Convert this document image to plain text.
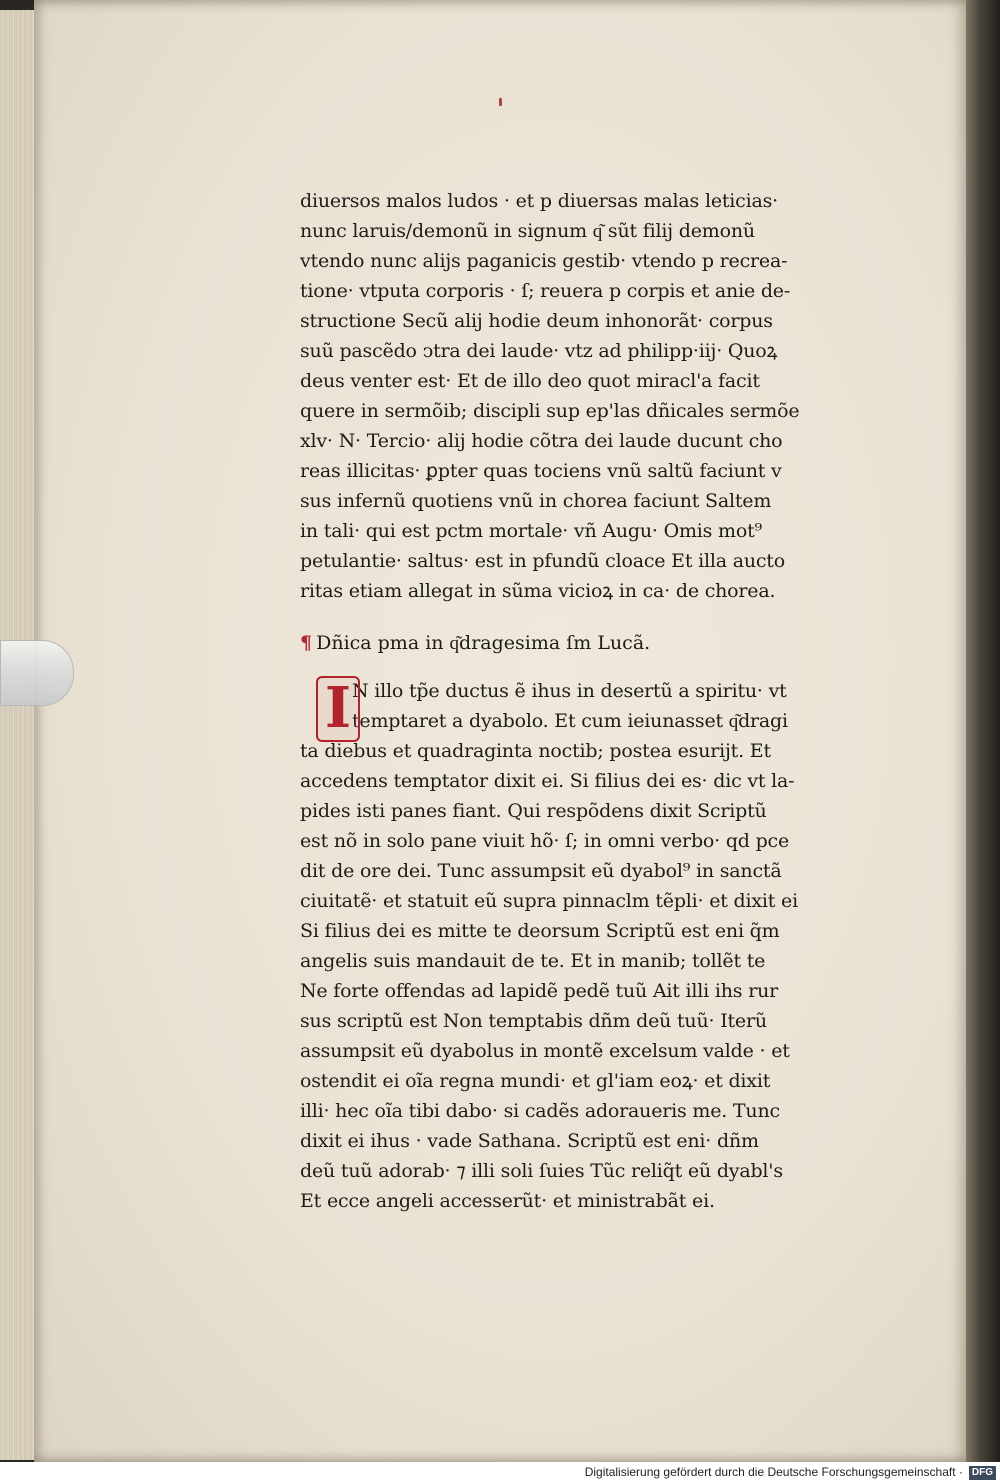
diuersos malos ludos · et p diuersas malas leticias·
nunc laruis/demonũ in signum q͂ sũt filij demonũ
vtendo nunc alijs paganicis gestib· vtendo p recrea-
tione· vtputa corporis · ſ; reuera p corpis et anie de-
structione Secũ alij hodie deum inhonorãt· corpus
suũ pascẽdo ↄtra dei laude· vtz ad philipp·iij· Quoꝝ
deus venter est· Et de illo deo quot miracl'a facit
quere in sermõib; discipli sup ep'las dñicales sermõe
xlv· N· Tercio· alij hodie cõtra dei laude ducunt cho
reas illicitas· ꝑpter quas tociens vnũ saltũ faciunt v
sus infernũ quotiens vnũ in chorea faciunt Saltem
in tali· qui est pctm mortale· vñ Augu· Omis mot⁹
petulantie· saltus· est in pfundũ cloace Et illa aucto
ritas etiam allegat in sũma vicioꝝ in ca· de chorea.
¶ Dñica pma in q͂dragesima ſm Lucã.
I N illo tp̃e ductus ẽ ihus in desertũ a spiritu· vt
temptaret a dyabolo. Et cum ieiunasset q͂dragi
ta diebus et quadraginta noctib; postea esurijt. Et
accedens temptator dixit ei. Si filius dei es· dic vt la-
pides isti panes fiant. Qui respõdens dixit Scriptũ
est nõ in solo pane viuit hõ· ſ; in omni verbo· qd pce
dit de ore dei. Tunc assumpsit eũ dyabol⁹ in sanctã
ciuitatẽ· et statuit eũ supra pinnaclm tẽpli· et dixit ei
Si filius dei es mitte te deorsum Scriptũ est eni q̃m
angelis suis mandauit de te. Et in manib; tollẽt te
Ne forte offendas ad lapidẽ pedẽ tuũ Ait illi ihs rur
sus scriptũ est Non temptabis dñm deũ tuũ· Iterũ
assumpsit eũ dyabolus in montẽ excelsum valde · et
ostendit ei oĩa regna mundi· et gl'iam eoꝝ· et dixit
illi· hec oĩa tibi dabo· si cadẽs adoraueris me. Tunc
dixit ei ihus · vade Sathana. Scriptũ est eni· dñm
deũ tuũ adorab· ⁊ illi soli ſuies Tũc reliq̃t eũ dyabl's
Et ecce angeli accesserũt· et ministrabãt ei.
Digitalisierung gefördert durch die Deutsche Forschungsgemeinschaft · DFG
